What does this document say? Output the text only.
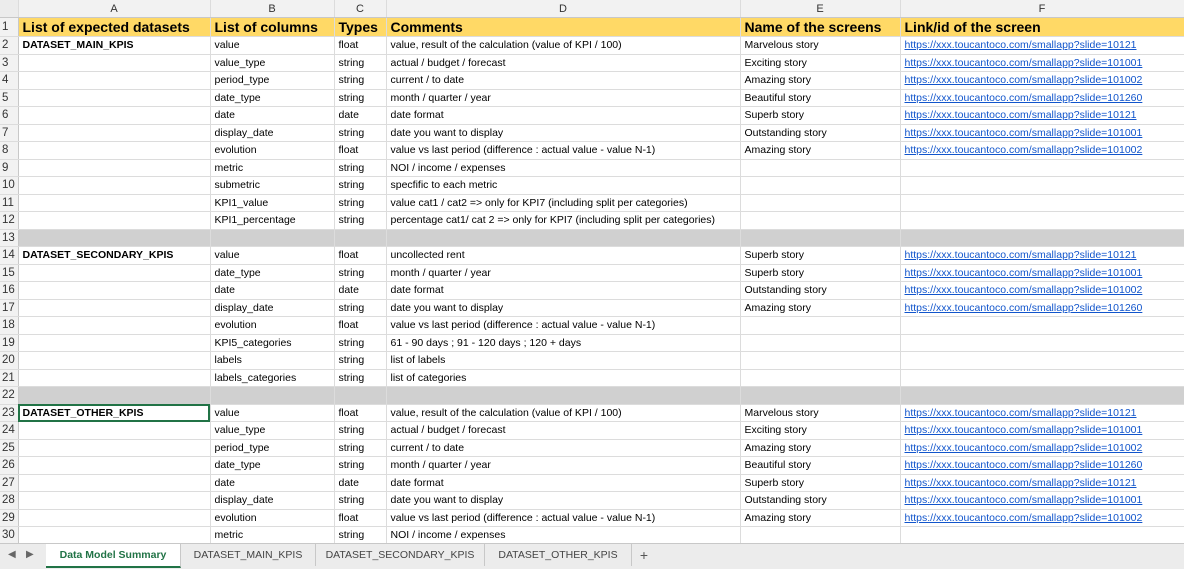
	A	B	C	D	E	F
1	List of expected datasets	List of columns	Types	Comments	Name of the screens	Link/id of the screen
2	DATASET_MAIN_KPIS	value	float	value, result of the calculation (value of KPI / 100)	Marvelous story	https://xxx.toucantoco.com/smallapp?slide=10121
3		value_type	string	actual / budget / forecast	Exciting story	https://xxx.toucantoco.com/smallapp?slide=101001
4		period_type	string	current / to date	Amazing story	https://xxx.toucantoco.com/smallapp?slide=101002
5		date_type	string	month / quarter / year	Beautiful story	https://xxx.toucantoco.com/smallapp?slide=101260
6		date	date	date format	Superb story	https://xxx.toucantoco.com/smallapp?slide=10121
7		display_date	string	date you want to display	Outstanding story	https://xxx.toucantoco.com/smallapp?slide=101001
8		evolution	float	value vs last period (difference : actual value - value N-1)	Amazing story	https://xxx.toucantoco.com/smallapp?slide=101002
9		metric	string	NOI / income / expenses		
10		submetric	string	specfific to each metric		
11		KPI1_value	string	value cat1 / cat2 => only for KPI7 (including split per categories)		
12		KPI1_percentage	string	percentage cat1/ cat 2 => only for KPI7 (including split per categories)		
13						
14	DATASET_SECONDARY_KPIS	value	float	uncollected rent	Superb story	https://xxx.toucantoco.com/smallapp?slide=10121
15		date_type	string	month / quarter / year	Superb story	https://xxx.toucantoco.com/smallapp?slide=101001
16		date	date	date format	Outstanding story	https://xxx.toucantoco.com/smallapp?slide=101002
17		display_date	string	date you want to display	Amazing story	https://xxx.toucantoco.com/smallapp?slide=101260
18		evolution	float	value vs last period (difference : actual value - value N-1)		
19		KPI5_categories	string	61 - 90 days ; 91 - 120 days ; 120 + days		
20		labels	string	list of labels		
21		labels_categories	string	list of categories		
22						
23	DATASET_OTHER_KPIS	value	float	value, result of the calculation (value of KPI / 100)	Marvelous story	https://xxx.toucantoco.com/smallapp?slide=10121
24		value_type	string	actual / budget / forecast	Exciting story	https://xxx.toucantoco.com/smallapp?slide=101001
25		period_type	string	current / to date	Amazing story	https://xxx.toucantoco.com/smallapp?slide=101002
26		date_type	string	month / quarter / year	Beautiful story	https://xxx.toucantoco.com/smallapp?slide=101260
27		date	date	date format	Superb story	https://xxx.toucantoco.com/smallapp?slide=10121
28		display_date	string	date you want to display	Outstanding story	https://xxx.toucantoco.com/smallapp?slide=101001
29		evolution	float	value vs last period (difference : actual value - value N-1)	Amazing story	https://xxx.toucantoco.com/smallapp?slide=101002
30		metric	string	NOI / income / expenses		
◀ ▶	Data Model Summary	DATASET_MAIN_KPIS	DATASET_SECONDARY_KPIS	DATASET_OTHER_KPIS	+
